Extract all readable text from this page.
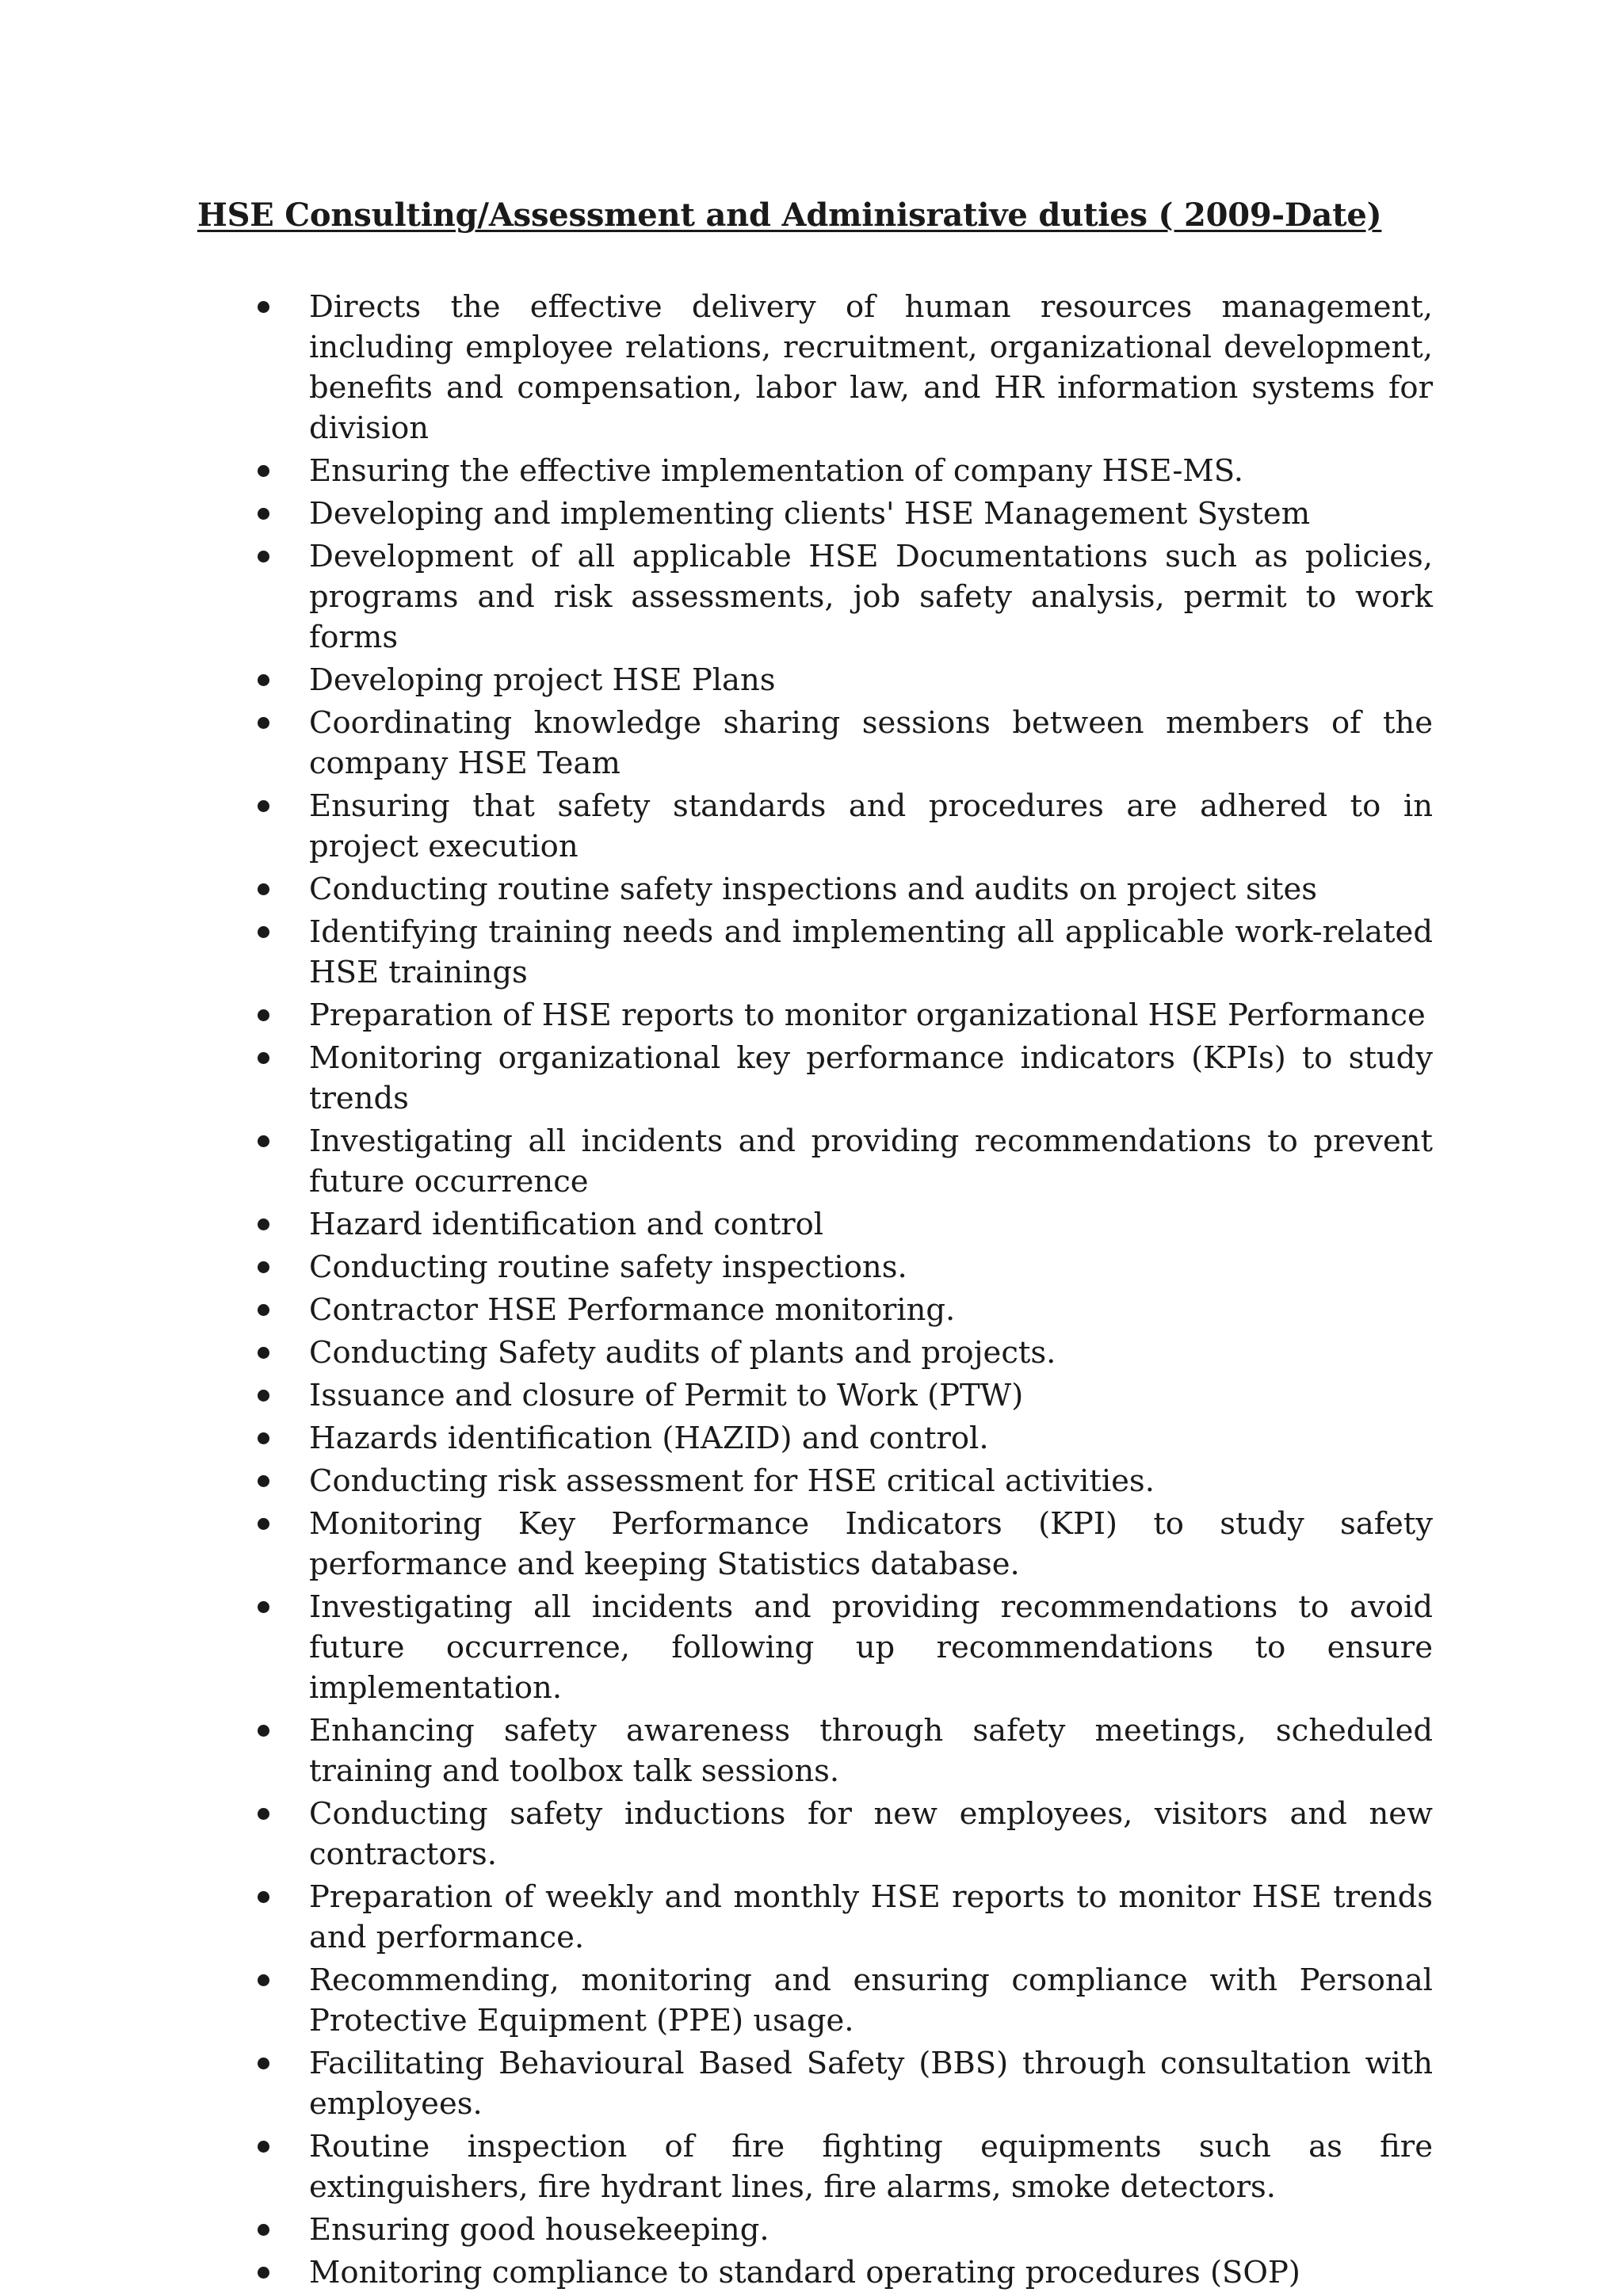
HSE Consulting/Assessment and Adminisrative duties ( 2009-Date)
Directs the effective delivery of human resources management, including employee relations, recruitment, organizational development, benefits and compensation, labor law, and HR information systems for division
Ensuring the effective implementation of company HSE-MS.
Developing and implementing clients' HSE Management System
Development of all applicable HSE Documentations such as policies, programs and risk assessments, job safety analysis, permit to work forms
Developing project HSE Plans
Coordinating knowledge sharing sessions between members of the company HSE Team
Ensuring that safety standards and procedures are adhered to in project execution
Conducting routine safety inspections and audits on project sites
Identifying training needs and implementing all applicable work-related HSE trainings
Preparation of HSE reports to monitor organizational HSE Performance
Monitoring organizational key performance indicators (KPIs) to study trends
Investigating all incidents and providing recommendations to prevent future occurrence
Hazard identification and control
Conducting routine safety inspections.
Contractor HSE Performance monitoring.
Conducting Safety audits of plants and projects.
Issuance and closure of Permit to Work (PTW)
Hazards identification (HAZID) and control.
Conducting risk assessment for HSE critical activities.
Monitoring Key Performance Indicators (KPI) to study safety performance and keeping Statistics database.
Investigating all incidents and providing recommendations to avoid future occurrence, following up recommendations to ensure implementation.
Enhancing safety awareness through safety meetings, scheduled training and toolbox talk sessions.
Conducting safety inductions for new employees, visitors and new contractors.
Preparation of weekly and monthly HSE reports to monitor HSE trends and performance.
Recommending, monitoring and ensuring compliance with Personal Protective Equipment (PPE) usage.
Facilitating Behavioural Based Safety (BBS) through consultation with employees.
Routine inspection of fire fighting equipments such as fire extinguishers, fire hydrant lines, fire alarms, smoke detectors.
Ensuring good housekeeping.
Monitoring compliance to standard operating procedures (SOP)
